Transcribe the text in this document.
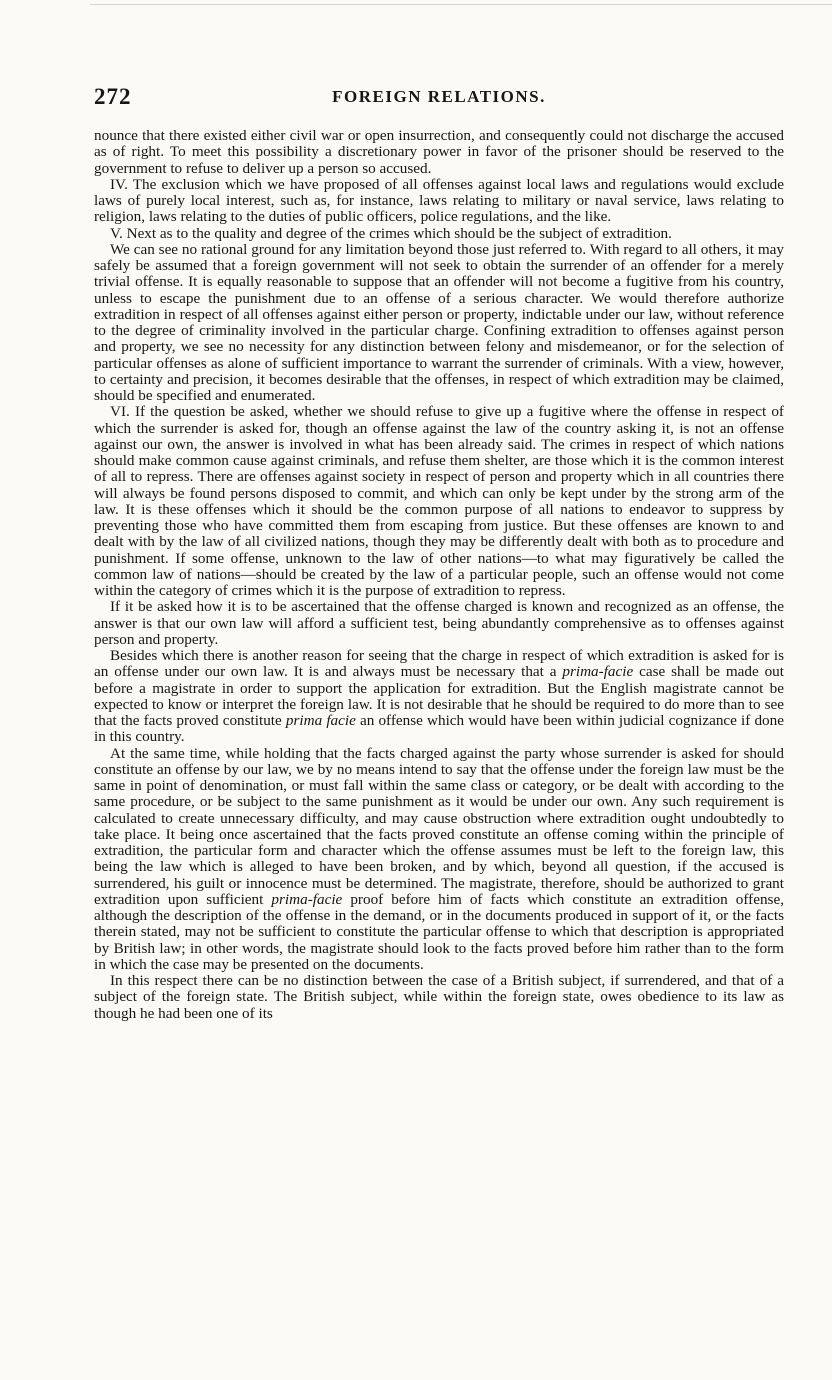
272	FOREIGN RELATIONS.

nounce that there existed either civil war or open insurrection, and consequently could not discharge the accused as of right. To meet this possibility a discretionary power in favor of the prisoner should be reserved to the government to refuse to deliver up a person so accused.

IV. The exclusion which we have proposed of all offenses against local laws and regulations would exclude laws of purely local interest, such as, for instance, laws relating to military or naval service, laws relating to religion, laws relating to the duties of public officers, police regulations, and the like.

V. Next as to the quality and degree of the crimes which should be the subject of extradition.

We can see no rational ground for any limitation beyond those just referred to. With regard to all others, it may safely be assumed that a foreign government will not seek to obtain the surrender of an offender for a merely trivial offense. It is equally reasonable to suppose that an offender will not become a fugitive from his country, unless to escape the punishment due to an offense of a serious character. We would therefore authorize extradition in respect of all offenses against either person or property, indictable under our law, without reference to the degree of criminality involved in the particular charge. Confining extradition to offenses against person and property, we see no necessity for any distinction between felony and misdemeanor, or for the selection of particular offenses as alone of sufficient importance to warrant the surrender of criminals. With a view, however, to certainty and precision, it becomes desirable that the offenses, in respect of which extradition may be claimed, should be specified and enumerated.

VI. If the question be asked, whether we should refuse to give up a fugitive where the offense in respect of which the surrender is asked for, though an offense against the law of the country asking it, is not an offense against our own, the answer is involved in what has been already said. The crimes in respect of which nations should make common cause against criminals, and refuse them shelter, are those which it is the common interest of all to repress. There are offenses against society in respect of person and property which in all countries there will always be found persons disposed to commit, and which can only be kept under by the strong arm of the law. It is these offenses which it should be the common purpose of all nations to endeavor to suppress by preventing those who have committed them from escaping from justice. But these offenses are known to and dealt with by the law of all civilized nations, though they may be differently dealt with both as to procedure and punishment. If some offense, unknown to the law of other nations—to what may figuratively be called the common law of nations—should be created by the law of a particular people, such an offense would not come within the category of crimes which it is the purpose of extradition to repress.

If it be asked how it is to be ascertained that the offense charged is known and recognized as an offense, the answer is that our own law will afford a sufficient test, being abundantly comprehensive as to offenses against person and property.

Besides which there is another reason for seeing that the charge in respect of which extradition is asked for is an offense under our own law. It is and always must be necessary that a prima-facie case shall be made out before a magistrate in order to support the application for extradition. But the English magistrate cannot be expected to know or interpret the foreign law. It is not desirable that he should be required to do more than to see that the facts proved constitute prima facie an offense which would have been within judicial cognizance if done in this country.

At the same time, while holding that the facts charged against the party whose surrender is asked for should constitute an offense by our law, we by no means intend to say that the offense under the foreign law must be the same in point of denomination, or must fall within the same class or category, or be dealt with according to the same procedure, or be subject to the same punishment as it would be under our own. Any such requirement is calculated to create unnecessary difficulty, and may cause obstruction where extradition ought undoubtedly to take place. It being once ascertained that the facts proved constitute an offense coming within the principle of extradition, the particular form and character which the offense assumes must be left to the foreign law, this being the law which is alleged to have been broken, and by which, beyond all question, if the accused is surrendered, his guilt or innocence must be determined. The magistrate, therefore, should be authorized to grant extradition upon sufficient prima-facie proof before him of facts which constitute an extradition offense, although the description of the offense in the demand, or in the documents produced in support of it, or the facts therein stated, may not be sufficient to constitute the particular offense to which that description is appropriated by British law; in other words, the magistrate should look to the facts proved before him rather than to the form in which the case may be presented on the documents.

In this respect there can be no distinction between the case of a British subject, if surrendered, and that of a subject of the foreign state. The British subject, while within the foreign state, owes obedience to its law as though he had been one of its
